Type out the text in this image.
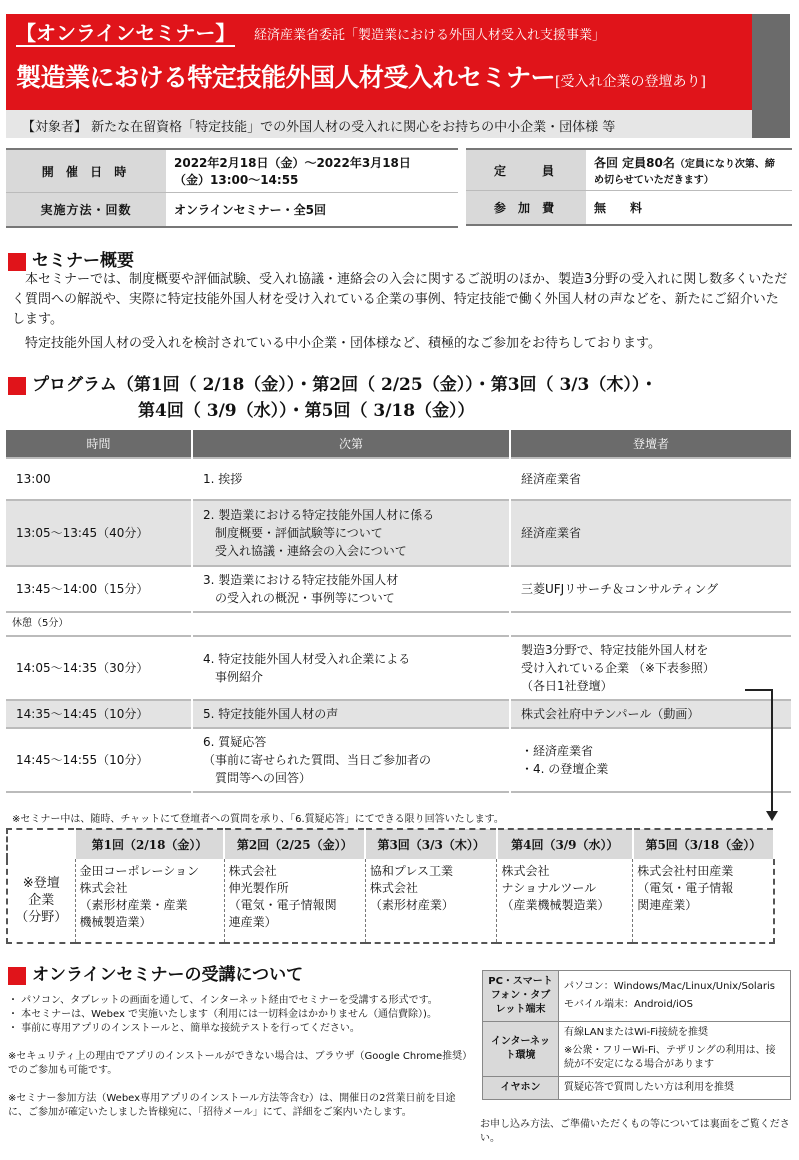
【オンラインセミナー】 経済産業省委託「製造業における外国人材受入れ支援事業」
製造業における特定技能外国人材受入れセミナー[受入れ企業の登壇あり]
【対象者】 新たな在留資格「特定技能」での外国人材の受入れに関心をお持ちの中小企業・団体様 等
開 催 日 時	2022年2月18日（金）～2022年3月18日
（金）13:00～14:55

実施方法・回数	オンラインセミナー・全5回
定　　員	各回 定員80名（定員になり次第、締め切らせていただきます）
参 加 費	無　　料
セミナー概要

本セミナーでは、制度概要や評価試験、受入れ協議・連絡会の入会に関するご説明のほか、製造3分野の受入れに関し数多くいただく質問への解説や、実際に特定技能外国人材を受け入れている企業の事例、特定技能で働く外国人材の声などを、新たにご紹介いたします。

特定技能外国人材の受入れを検討されている中小企業・団体様など、積極的なご参加をお待ちしております。

プログラム（第1回（ 2/18（金））・第2回（ 2/25（金））・第3回（ 3/3（木））・
第4回（ 3/9（水））・第5回（ 3/18（金））
時間	次第	登壇者
13:00	1. 挨拶	経済産業省
13:05～13:45（40分）	2. 製造業における特定技能外国人材に係る
　制度概要・評価試験等について
　受入れ協議・連絡会の入会について	経済産業省
13:45～14:00（15分）	3. 製造業における特定技能外国人材
　の受入れの概況・事例等について	三菱UFJリサーチ＆コンサルティング
休憩（5分）		
14:05～14:35（30分）	4. 特定技能外国人材受入れ企業による
　事例紹介	製造3分野で、特定技能外国人材を
受け入れている企業 （※下表参照）
（各日1社登壇）
14:35～14:45（10分）	5. 特定技能外国人材の声	株式会社府中テンパール（動画）
14:45～14:55（10分）	6. 質疑応答
（事前に寄せられた質問、当日ご参加者の
　質問等への回答）	・経済産業省
・4. の登壇企業
※セミナー中は、随時、チャットにて登壇者への質問を承り、「6.質疑応答」にてできる限り回答いたします。
	第1回（2/18（金））	第2回（2/25（金））	第3回（3/3（木））	第4回（3/9（水））	第5回（3/18（金））
※登壇
企業
（分野）	金田コーポレーション
株式会社
（素形材産業・産業
機械製造業）	株式会社
伸光製作所
（電気・電子情報関
連産業）	協和プレス工業
株式会社
（素形材産業）	株式会社
ナショナルツール
（産業機械製造業）	株式会社村田産業
（電気・電子情報
関連産業）
オンラインセミナーの受講について
・ パソコン、タブレットの画面を通して、インターネット経由でセミナーを受講する形式です。
・ 本セミナーは、Webex で実施いたします（利用には一切料金はかかりません（通信費除）)。
・ 事前に専用アプリのインストールと、簡単な接続テストを行ってください。
※セキュリティ上の理由でアプリのインストールができない場合は、ブラウザ（Google Chrome推奨）でのご参加も可能です。
※セミナー参加方法（Webex専用アプリのインストール方法等含む）は、開催日の2営業日前を目途に、ご参加が確定いたしました皆様宛に、「招待メール」にて、詳細をご案内いたします。
PC・スマートフォン・タブレット端末	パソコン：Windows/Mac/Linux/Unix/Solaris
モバイル端末：Android/iOS

インターネット環境	有線LANまたはWi-Fi接続を推奨
※公衆・フリーWi-Fi、テザリングの利用は、接続が不安定になる場合があります

イヤホン	質疑応答で質問したい方は利用を推奨
お申し込み方法、ご準備いただくもの等については裏面をご覧ください。
